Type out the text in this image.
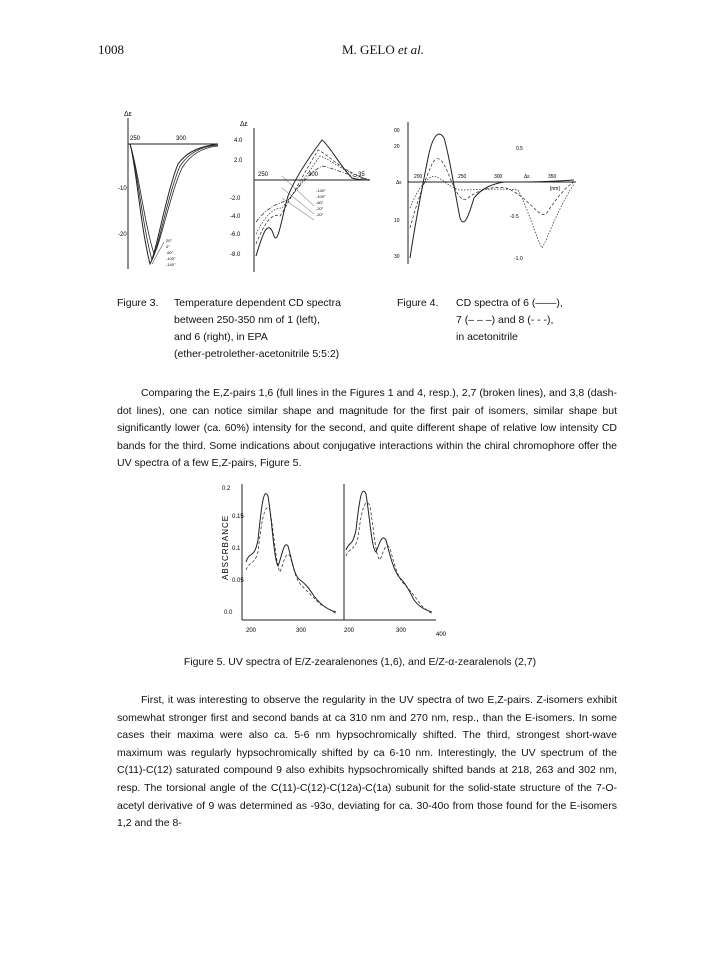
1008	M. GELO et al.
Δε
250	300
-10
-20
20°
0°
-60°
-100°
-140°
Δε
4.0
2.0
-2.0
-4.0
-6.0
-8.0
250	300	35
-140°
-100°
-60°
-20°
-20°
00
20
Δε
10
30
200	250	300	350
[nm]
Δε
0.5
-0.5
-1.0
Figure 3. Temperature dependent CD spectra
between 250-350 nm of 1 (left),
and 6 (right), in EPA
(ether-petrolether-acetonitrile 5:5:2)
Figure 4. CD spectra of 6 (——),
7 (– – –) and 8 (- - -),
in acetonitrile

Comparing the E,Z-pairs 1,6 (full lines in the Figures 1 and 4, resp.), 2,7 (broken lines), and 3,8 (dash-dot lines), one can notice similar shape and magnitude for the first pair of isomers, similar shape but significantly lower (ca. 60%) intensity for the second, and quite different shape of relative low intensity CD bands for the third. Some indications about conjugative interactions within the chiral chromophore offer the UV spectra of a few E,Z-pairs, Figure 5.

ABSCRBANCE
0.2
0.15
0.1
0.05
0.0
200	300	200	300
400
Figure 5. UV spectra of E/Z-zearalenones (1,6), and E/Z-α-zearalenols (2,7)

First, it was interesting to observe the regularity in the UV spectra of two E,Z-pairs. Z-isomers exhibit somewhat stronger first and second bands at ca 310 nm and 270 nm, resp., than the E-isomers. In some cases their maxima were also ca. 5-6 nm hypsochromically shifted. The third, strongest short-wave maximum was regularly hypsochromically shifted by ca 6-10 nm. Interestingly, the UV spectrum of the C(11)-C(12) saturated compound 9 also exhibits hypsochromically shifted bands at 218, 263 and 302 nm, resp. The torsional angle of the C(11)-C(12)-C(12a)-C(1a) subunit for the solid-state structure of the 7-O-acetyl derivative of 9 was determined as -93o, deviating for ca. 30-40o from those found for the E-isomers 1,2 and the 8-
